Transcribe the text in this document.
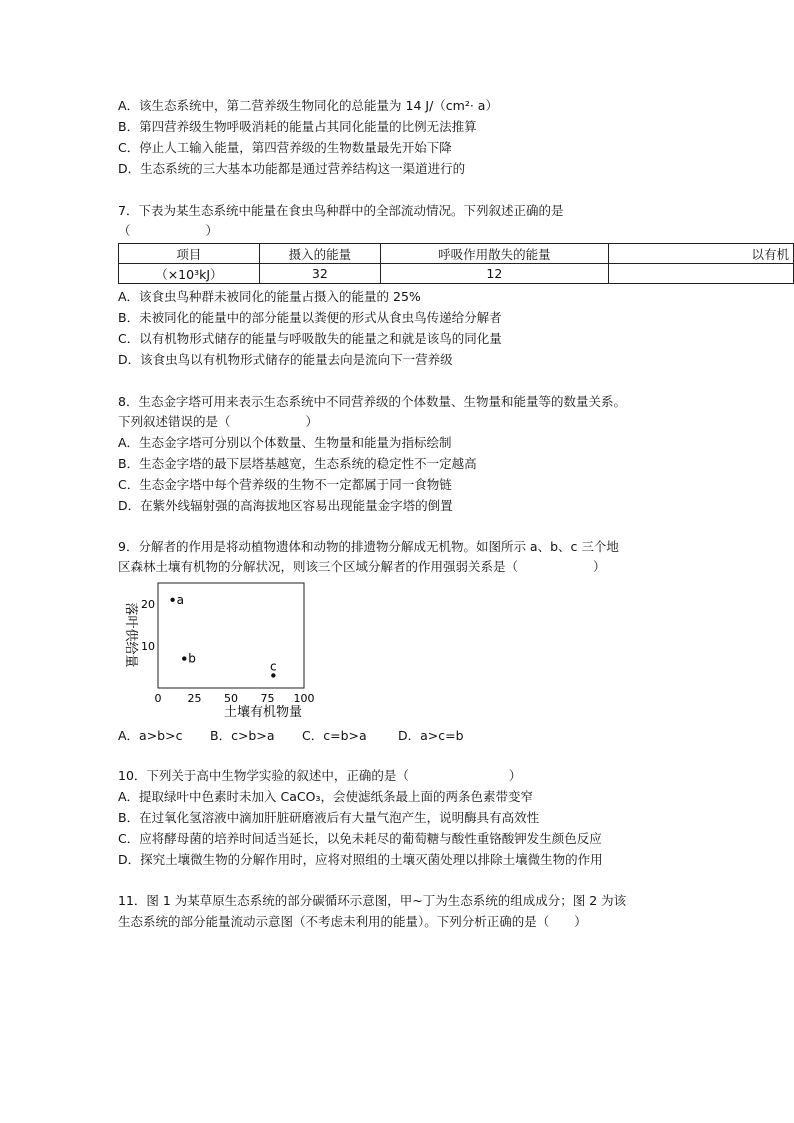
A．该生态系统中，第二营养级生物同化的总能量为 14 J/（cm²· a）
B．第四营养级生物呼吸消耗的能量占其同化能量的比例无法推算
C．停止人工输入能量，第四营养级的生物数量最先开始下降
D．生态系统的三大基本功能都是通过营养结构这一渠道进行的
7．下表为某生态系统中能量在食虫鸟种群中的全部流动情况。下列叙述正确的是
（　　　　　　）
项目	摄入的能量	呼吸作用散失的能量	以有机
（×10³kJ）	32	12	
A．该食虫鸟种群未被同化的能量占摄入的能量的 25%
B．未被同化的能量中的部分能量以粪便的形式从食虫鸟传递给分解者
C．以有机物形式储存的能量与呼吸散失的能量之和就是该鸟的同化量
D．该食虫鸟以有机物形式储存的能量去向是流向下一营养级
8．生态金字塔可用来表示生态系统中不同营养级的个体数量、生物量和能量等的数量关系。
下列叙述错误的是（　　　　　　）
A．生态金字塔可分别以个体数量、生物量和能量为指标绘制
B．生态金字塔的最下层塔基越宽，生态系统的稳定性不一定越高
C．生态金字塔中每个营养级的生物不一定都属于同一食物链
D．在紫外线辐射强的高海拔地区容易出现能量金字塔的倒置
9．分解者的作用是将动植物遗体和动物的排遗物分解成无机物。如图所示 a、b、c 三个地
区森林土壤有机物的分解状况，则该三个区域分解者的作用强弱关系是（　　　　　　）
0 25 50 75 100
10
20 a
b
c
土壤有机物量
落叶供给量
A．a>b>c B．c>b>a C．c=b>a	D．a>c=b
10．下列关于高中生物学实验的叙述中，正确的是（　　　　　　　　）
A．提取绿叶中色素时未加入 CaCO₃，会使滤纸条最上面的两条色素带变窄
B．在过氧化氢溶液中滴加肝脏研磨液后有大量气泡产生，说明酶具有高效性
C．应将酵母菌的培养时间适当延长，以免未耗尽的葡萄糖与酸性重铬酸钾发生颜色反应
D．探究土壤微生物的分解作用时，应将对照组的土壤灭菌处理以排除土壤微生物的作用
11．图 1 为某草原生态系统的部分碳循环示意图，甲~丁为生态系统的组成成分；图 2 为该
生态系统的部分能量流动示意图（不考虑未利用的能量）。下列分析正确的是（　　）
